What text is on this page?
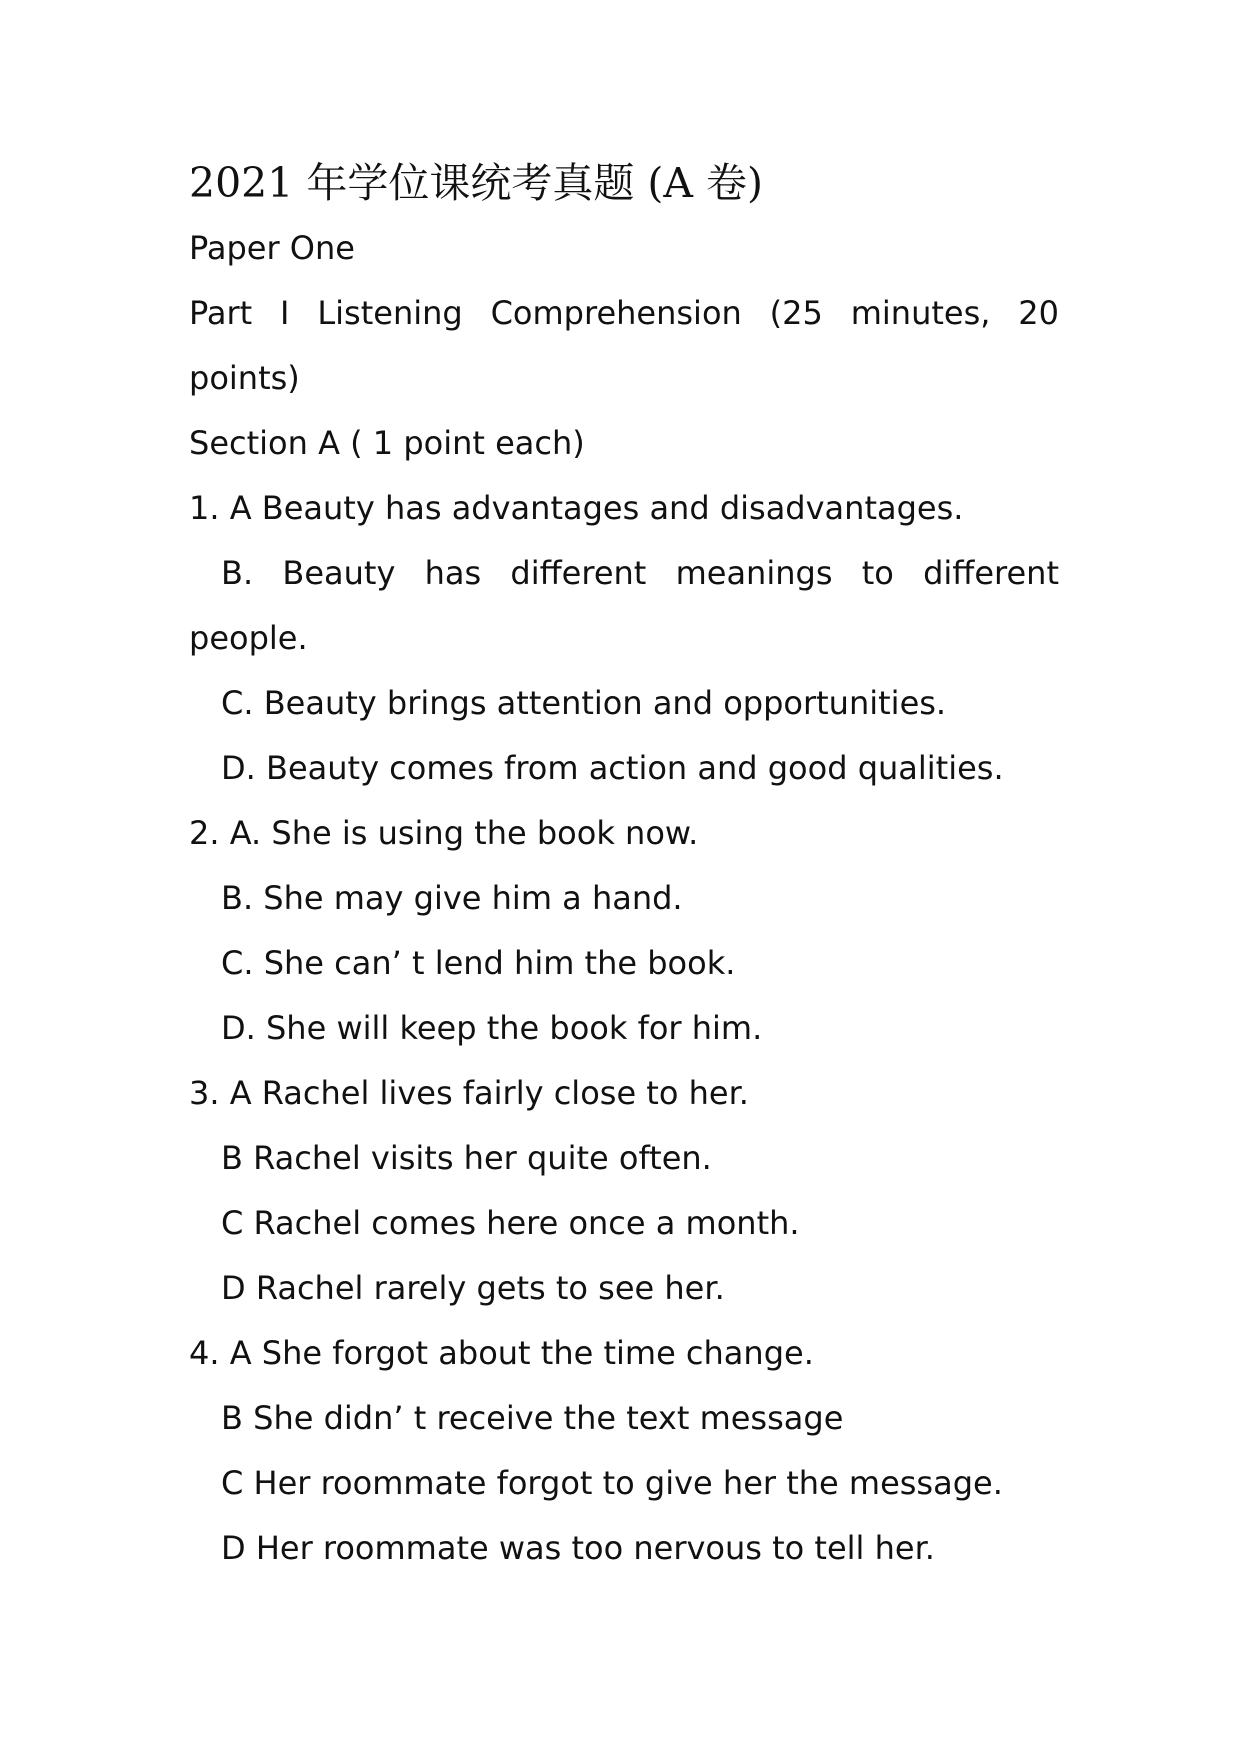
2021 年学位课统考真题 (A 卷)

Paper One

Part I Listening Comprehension (25 minutes, 20

points)

Section A ( 1 point each)

1. A Beauty has advantages and disadvantages.

B. Beauty has different meanings to different

people.

C. Beauty brings attention and opportunities.

D. Beauty comes from action and good qualities.

2. A. She is using the book now.

B. She may give him a hand.

C. She can’ t lend him the book.

D. She will keep the book for him.

3. A Rachel lives fairly close to her.

B Rachel visits her quite often.

C Rachel comes here once a month.

D Rachel rarely gets to see her.

4. A She forgot about the time change.

B She didn’ t receive the text message

C Her roommate forgot to give her the message.

D Her roommate was too nervous to tell her.
